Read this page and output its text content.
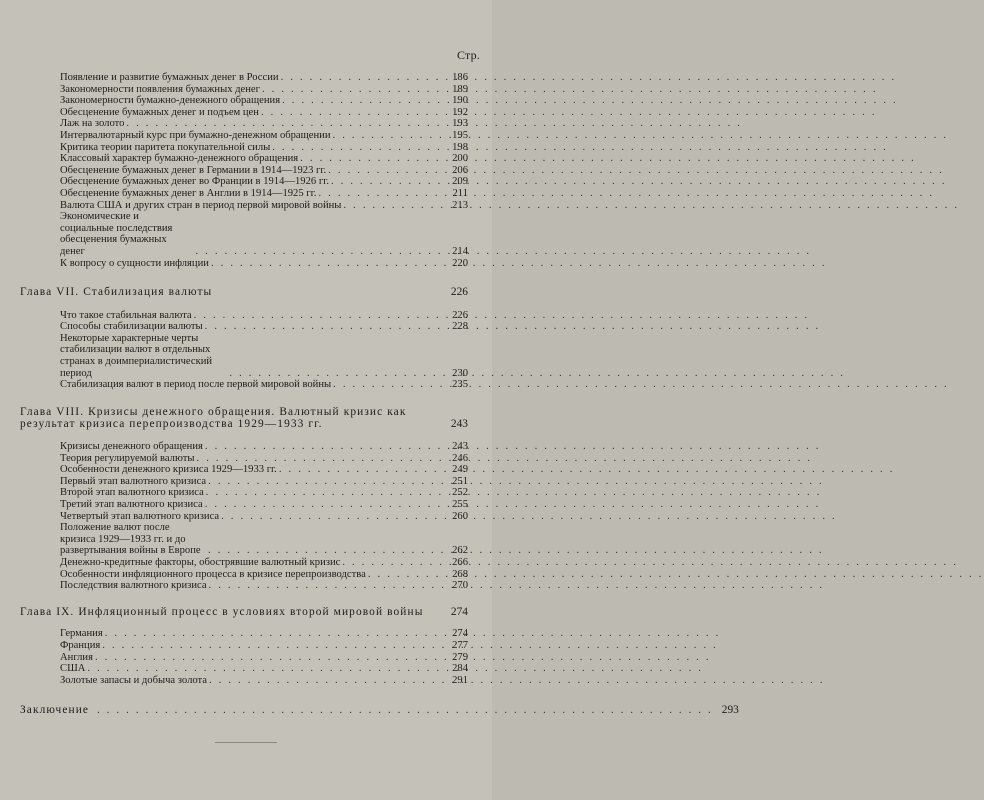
Стр.
Появление и развитие бумажных денег в России . . .	186
Закономерности появления бумажных денег . . .	189
Закономерности бумажно-денежного обращения . . .	190
Обесценение бумажных денег и подъем цен . . .	192
Лаж на золото . . .	193
Интервалютарный курс при бумажно-денежном обращении . . .	195
Критика теории паритета покупательной силы . . .	198
Классовый характер бумажно-денежного обращения . . .	200
Обесценение бумажных денег в Германии в 1914—1923 гг. . . .	206
Обесценение бумажных денег во Франции в 1914—1926 гг. . . .	209
Обесценение бумажных денег в Англии в 1914—1925 гг. . . .	211
Валюта США и других стран в период первой мировой войны . . .	213
Экономические и социальные последствия обесценения бумажных денег . . .	214
К вопросу о сущности инфляции . . .	220
Глава VII. Стабилизация валюты	226
Что такое стабильная валюта . . .	226
Способы стабилизации валюты . . .	228
Некоторые характерные черты стабилизации валют в отдельных странах в доимпериалистический период . . .	230
Стабилизация валют в период после первой мировой войны . . .	235
Глава VIII. Кризисы денежного обращения. Валютный кризис как результат кризиса перепроизводства 1929—1933 гг.	243
Кризисы денежного обращения . . .	243
Теория регулируемой валюты . . .	246
Особенности денежного кризиса 1929—1933 гг. . . .	249
Первый этап валютного кризиса . . .	251
Второй этап валютного кризиса . . .	252
Третий этап валютного кризиса . . .	255
Четвертый этап валютного кризиса . . .	260
Положение валют после кризиса 1929—1933 гг. и до развертывания войны в Европе . . .	262
Денежно-кредитные факторы, обострявшие валютный кризис . . .	266
Особенности инфляционного процесса в кризисе перепроизводства . . .	268
Последствия валютного кризиса . . .	270
Глава IX. Инфляционный процесс в условиях второй мировой войны	274
Германия . . .	274
Франция . . .	277
Англия . . .	279
США . . .	284
Золотые запасы и добыча золота . . .	291
Заключение . . .	293
